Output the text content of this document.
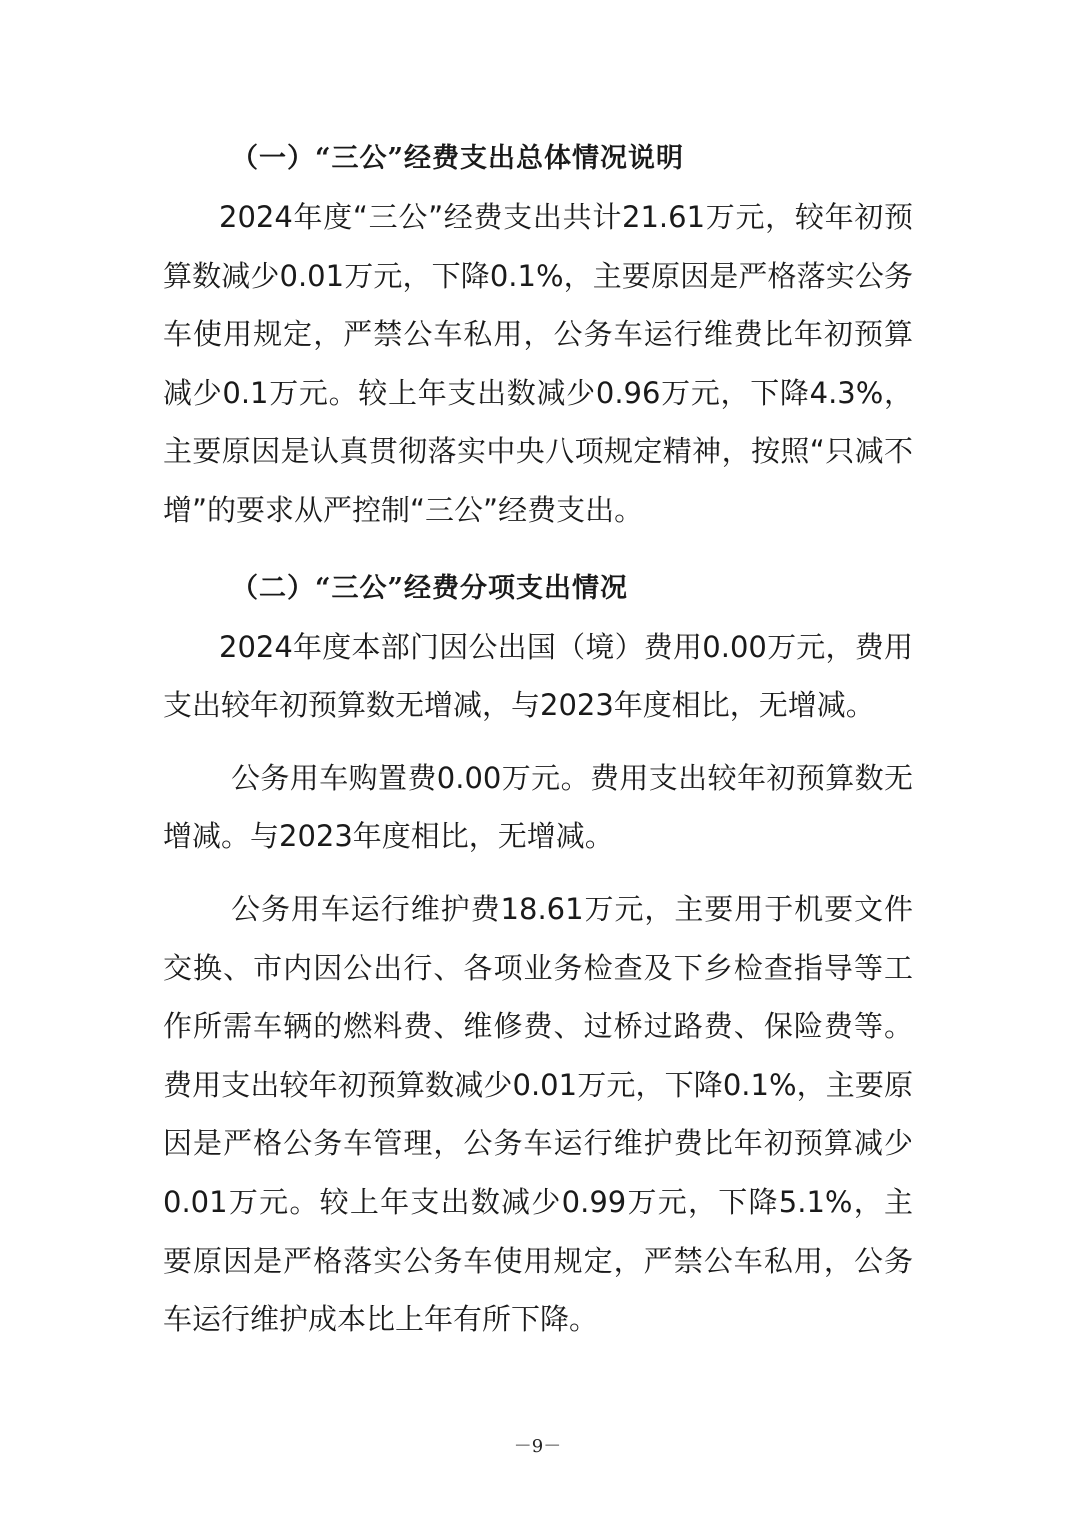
（一）“三公”经费支出总体情况说明

2024年度“三公”经费支出共计21.61万元，较年初预算数减少0.01万元，下降0.1%，主要原因是严格落实公务车使用规定，严禁公车私用，公务车运行维费比年初预算减少0.1万元。较上年支出数减少0.96万元，下降4.3%，主要原因是认真贯彻落实中央八项规定精神，按照“只减不增”的要求从严控制“三公”经费支出。

（二）“三公”经费分项支出情况

2024年度本部门因公出国（境）费用0.00万元，费用支出较年初预算数无增减，与2023年度相比，无增减。

公务用车购置费0.00万元。费用支出较年初预算数无增减。与2023年度相比，无增减。

公务用车运行维护费18.61万元，主要用于机要文件交换、市内因公出行、各项业务检查及下乡检查指导等工作所需车辆的燃料费、维修费、过桥过路费、保险费等。费用支出较年初预算数减少0.01万元，下降0.1%，主要原因是严格公务车管理，公务车运行维护费比年初预算减少0.01万元。较上年支出数减少0.99万元，下降5.1%，主要原因是严格落实公务车使用规定，严禁公车私用，公务车运行维护成本比上年有所下降。

－9－
